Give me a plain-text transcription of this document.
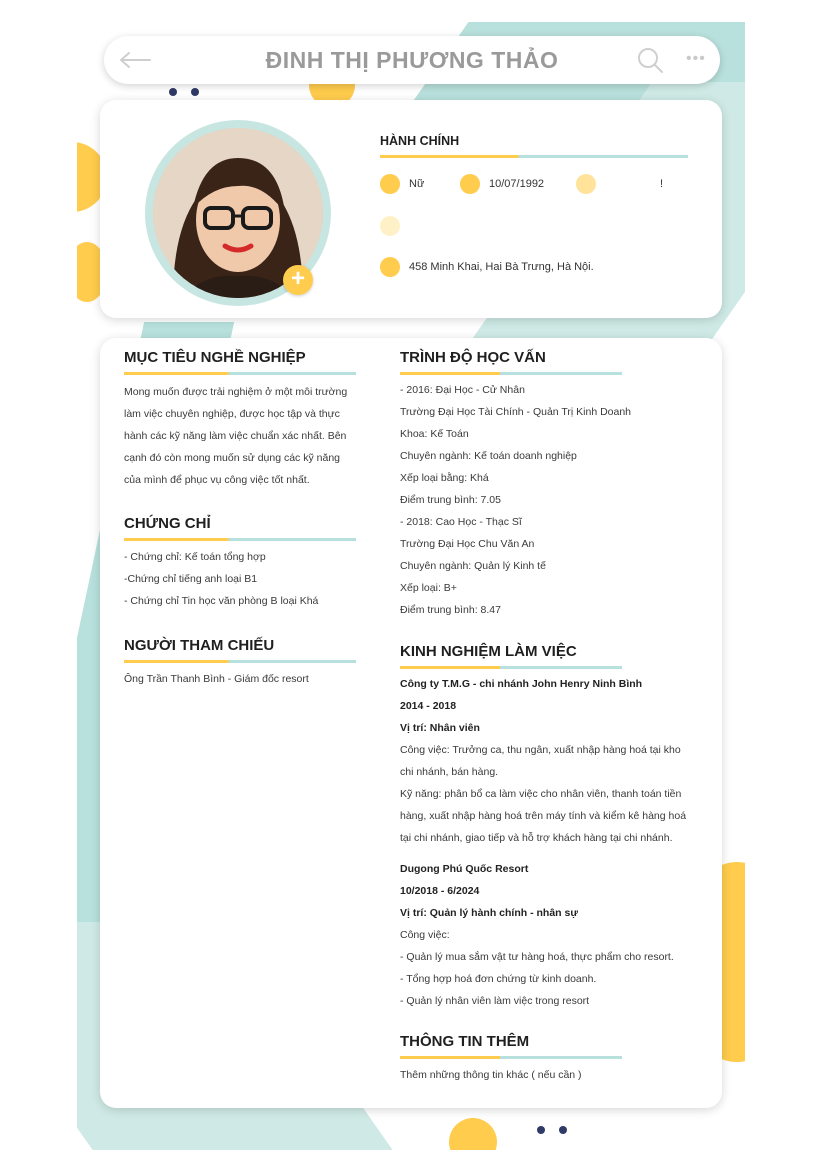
ĐINH THỊ PHƯƠNG THẢO	•••
+
HÀNH CHÍNH
Nữ	10/07/1992	!
458 Minh Khai, Hai Bà Trưng, Hà Nội.
MỤC TIÊU NGHỀ NGHIỆP
Mong muốn được trải nghiệm ở một môi trường
làm việc chuyên nghiệp, được học tập và thực
hành các kỹ năng làm việc chuẩn xác nhất. Bên
cạnh đó còn mong muốn sử dụng các kỹ năng
của mình để phục vụ công việc tốt nhất.
CHỨNG CHỈ
- Chứng chỉ: Kế toán tổng hợp
-Chứng chỉ tiếng anh loại B1
- Chứng chỉ Tin học văn phòng B loại Khá
NGƯỜI THAM CHIẾU
Ông Trần Thanh Bình - Giám đốc resort
TRÌNH ĐỘ HỌC VẤN
- 2016: Đại Học - Cử Nhân
Trường Đại Học Tài Chính - Quản Trị Kinh Doanh
Khoa: Kế Toán
Chuyên ngành: Kế toán doanh nghiệp
Xếp loại bằng: Khá
Điểm trung bình: 7.05
- 2018: Cao Học - Thạc Sĩ
Trường Đại Học Chu Văn An
Chuyên ngành: Quản lý Kinh tế
Xếp loại: B+
Điểm trung bình: 8.47
KINH NGHIỆM LÀM VIỆC
Công ty T.M.G - chi nhánh John Henry Ninh Bình
2014 - 2018
Vị trí: Nhân viên
Công việc: Trưởng ca, thu ngân, xuất nhập hàng hoá tại kho
chi nhánh, bán hàng.
Kỹ năng: phân bổ ca làm việc cho nhân viên, thanh toán tiền
hàng, xuất nhập hàng hoá trên máy tính và kiểm kê hàng hoá
tại chi nhánh, giao tiếp và hỗ trợ khách hàng tại chi nhánh.
Dugong Phú Quốc Resort
10/2018 - 6/2024
Vị trí: Quản lý hành chính - nhân sự
Công việc:
- Quản lý mua sắm vật tư hàng hoá, thực phẩm cho resort.
- Tổng hợp hoá đơn chứng từ kinh doanh.
- Quản lý nhân viên làm việc trong resort
THÔNG TIN THÊM
Thêm những thông tin khác ( nếu cần )
